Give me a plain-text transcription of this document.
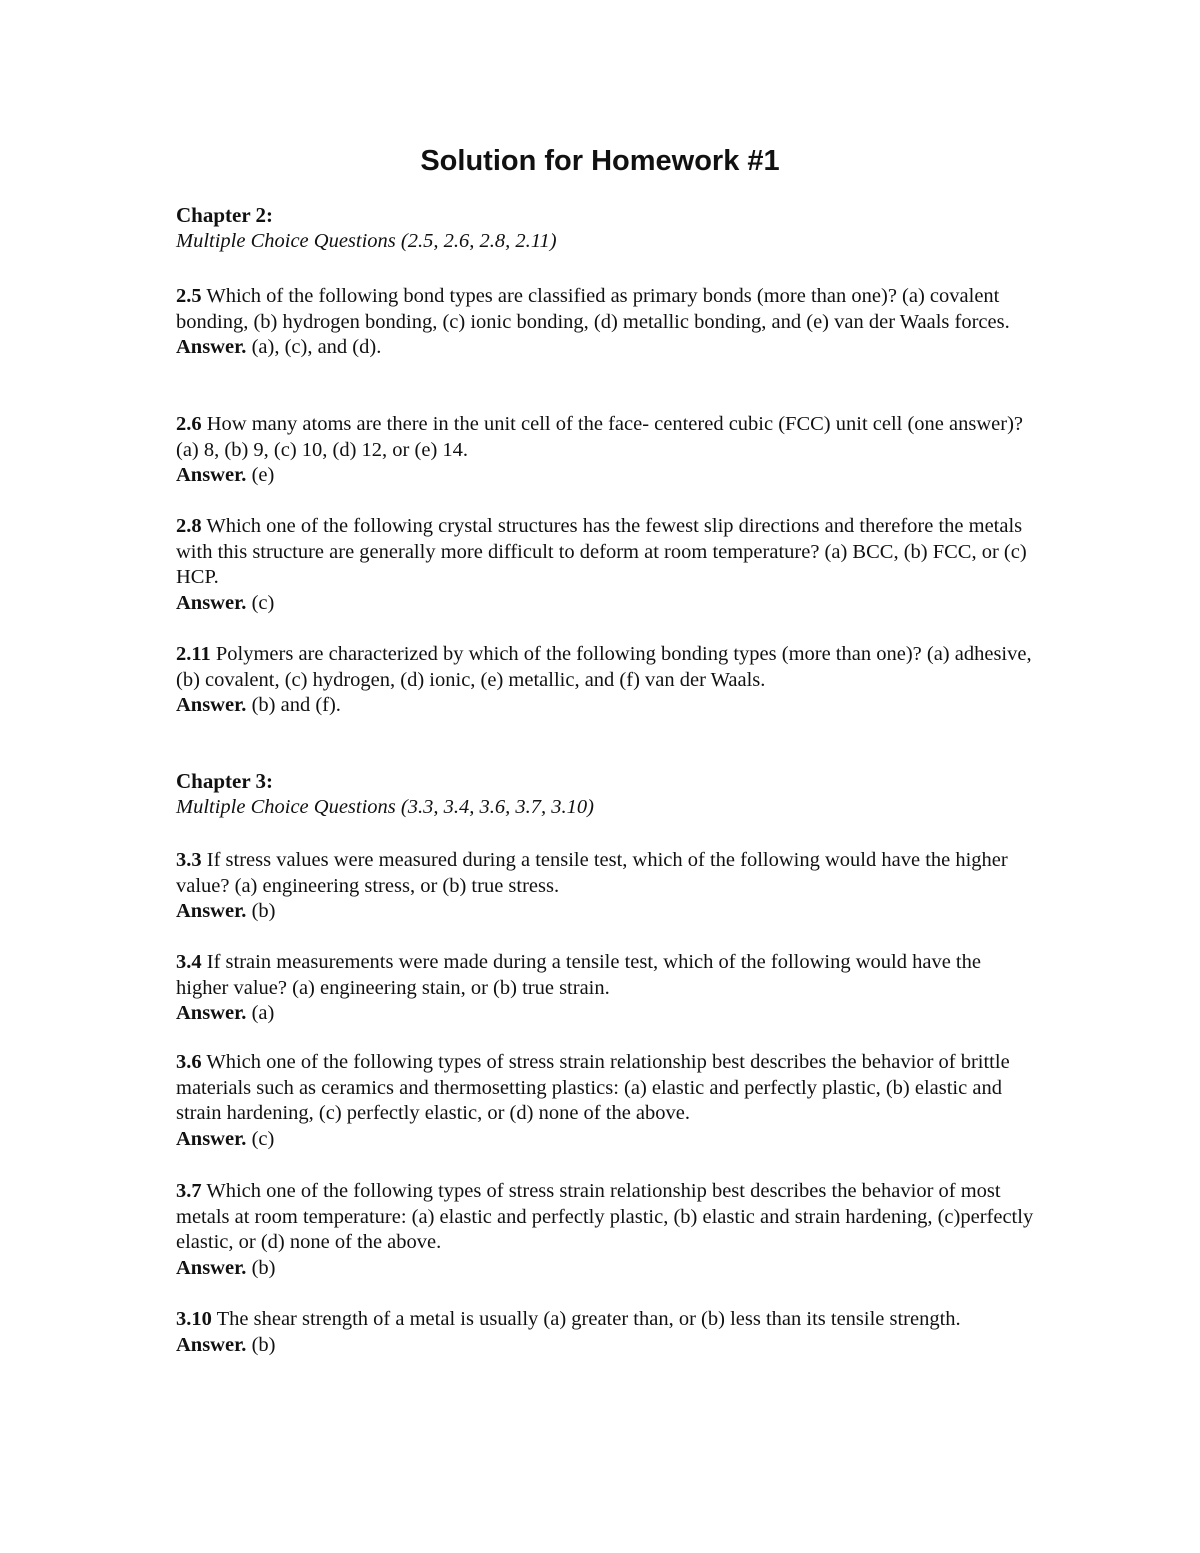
Solution for Homework #1

Chapter 2:

Multiple Choice Questions (2.5, 2.6, 2.8, 2.11)

2.5 Which of the following bond types are classified as primary bonds (more than one)? (a) covalent bonding, (b) hydrogen bonding, (c) ionic bonding, (d) metallic bonding, and (e) van der Waals forces.

Answer. (a), (c), and (d).

2.6 How many atoms are there in the unit cell of the face- centered cubic (FCC) unit cell (one answer)? (a) 8, (b) 9, (c) 10, (d) 12, or (e) 14.

Answer. (e)

2.8 Which one of the following crystal structures has the fewest slip directions and therefore the metals with this structure are generally more difficult to deform at room temperature? (a) BCC, (b) FCC, or (c) HCP.

Answer. (c)

2.11 Polymers are characterized by which of the following bonding types (more than one)? (a) adhesive, (b) covalent, (c) hydrogen, (d) ionic, (e) metallic, and (f) van der Waals.

Answer. (b) and (f).

Chapter 3:

Multiple Choice Questions (3.3, 3.4, 3.6, 3.7, 3.10)

3.3 If stress values were measured during a tensile test, which of the following would have the higher value? (a) engineering stress, or (b) true stress.

Answer. (b)

3.4 If strain measurements were made during a tensile test, which of the following would have the higher value? (a) engineering stain, or (b) true strain.

Answer. (a)

3.6 Which one of the following types of stress strain relationship best describes the behavior of brittle materials such as ceramics and thermosetting plastics: (a) elastic and perfectly plastic, (b) elastic and strain hardening, (c) perfectly elastic, or (d) none of the above.

Answer. (c)

3.7 Which one of the following types of stress strain relationship best describes the behavior of most metals at room temperature: (a) elastic and perfectly plastic, (b) elastic and strain hardening, (c)perfectly elastic, or (d) none of the above.

Answer. (b)

3.10 The shear strength of a metal is usually (a) greater than, or (b) less than its tensile strength.

Answer. (b)
